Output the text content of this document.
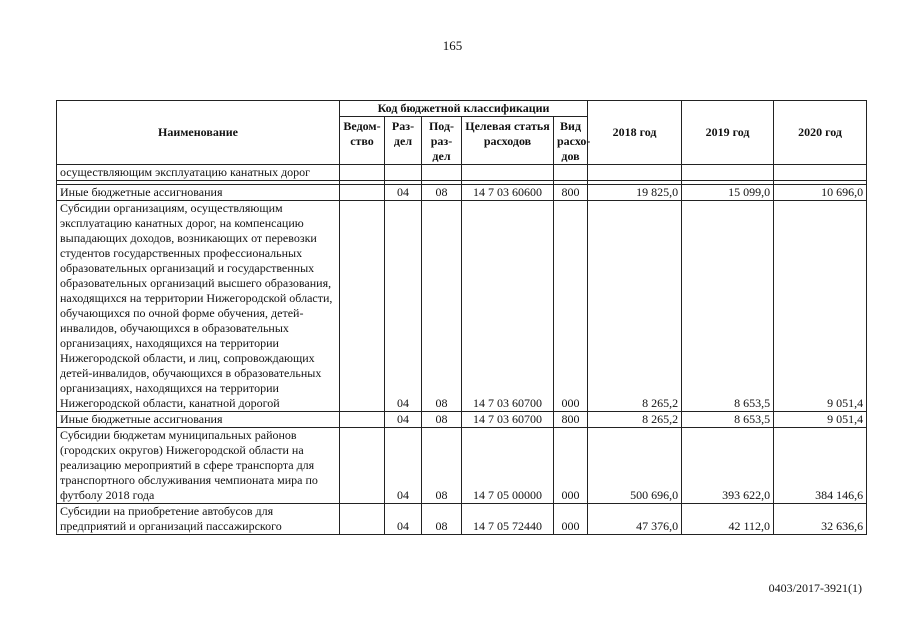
165
Наименование	Код бюджетной классификации					2018 год	2019 год	2020 год
	Ведом-ство	Раз-дел	Под-раз-дел	Целевая статья расходов	Вид расхо-дов			
осуществляющим эксплуатацию канатных дорог								

Иные бюджетные ассигнования		04	08	14 7 03 60600	800	19 825,0	15 099,0	10 696,0
Субсидии организациям, осуществляющим эксплуатацию канатных дорог, на компенсацию выпадающих доходов, возникающих от перевозки студентов государственных профессиональных образовательных организаций и государственных образовательных организаций высшего образования, находящихся на территории Нижегородской области, обучающихся по очной форме обучения, детей-инвалидов, обучающихся в образовательных организациях, находящихся на территории Нижегородской области, и лиц, сопровождающих детей-инвалидов, обучающихся в образовательных организациях, находящихся на территории Нижегородской области, канатной дорогой		04	08	14 7 03 60700	000	8 265,2	8 653,5	9 051,4
Иные бюджетные ассигнования		04	08	14 7 03 60700	800	8 265,2	8 653,5	9 051,4
Субсидии бюджетам муниципальных районов (городских округов) Нижегородской области на реализацию мероприятий в сфере транспорта для транспортного обслуживания чемпионата мира по футболу 2018 года		04	08	14 7 05 00000	000	500 696,0	393 622,0	384 146,6
Субсидии на приобретение автобусов для предприятий и организаций пассажирского		04	08	14 7 05 72440	000	47 376,0	42 112,0	32 636,6
0403/2017-3921(1)
